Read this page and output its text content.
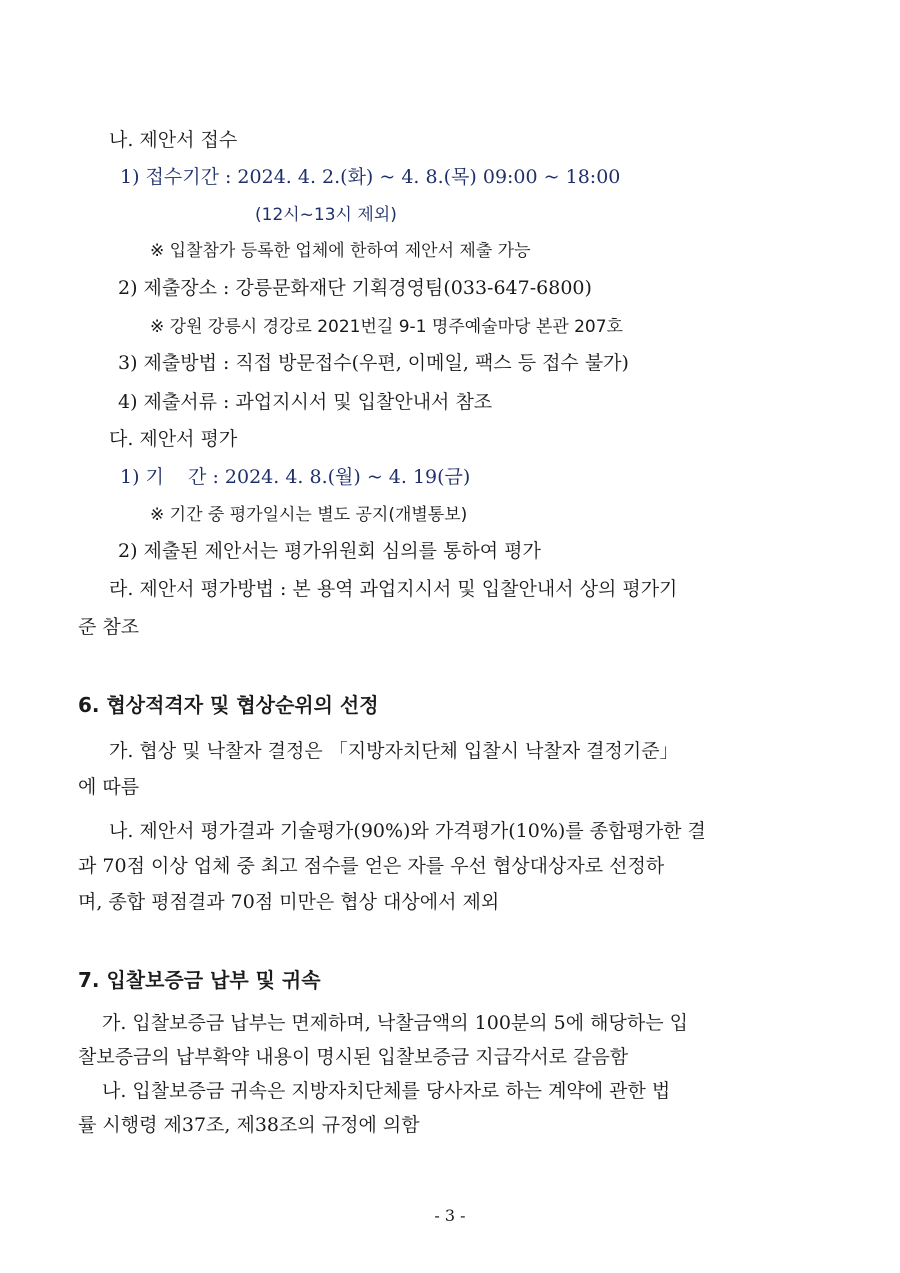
나. 제안서 접수
1) 접수기간 : 2024. 4. 2.(화) ~ 4. 8.(목) 09:00 ~ 18:00
(12시~13시 제외)
※ 입찰참가 등록한 업체에 한하여 제안서 제출 가능
2) 제출장소 : 강릉문화재단 기획경영팀(033-647-6800)
※ 강원 강릉시 경강로 2021번길 9-1 명주예술마당 본관 207호
3) 제출방법 : 직접 방문접수(우편, 이메일, 팩스 등 접수 불가)
4) 제출서류 : 과업지시서 및 입찰안내서 참조
다. 제안서 평가
1) 기    간 : 2024. 4. 8.(월) ~ 4. 19(금)
※ 기간 중 평가일시는 별도 공지(개별통보)
2) 제출된 제안서는 평가위원회 심의를 통하여 평가
라. 제안서 평가방법 : 본 용역 과업지시서 및 입찰안내서 상의 평가기
준 참조
6. 협상적격자 및 협상순위의 선정
가. 협상 및 낙찰자 결정은 「지방자치단체 입찰시 낙찰자 결정기준」
에 따름
나. 제안서 평가결과 기술평가(90%)와 가격평가(10%)를 종합평가한 결
과 70점 이상 업체 중 최고 점수를 얻은 자를 우선 협상대상자로 선정하
며, 종합 평점결과 70점 미만은 협상 대상에서 제외
7. 입찰보증금 납부 및 귀속
가. 입찰보증금 납부는 면제하며, 낙찰금액의 100분의 5에 해당하는 입
찰보증금의 납부확약 내용이 명시된 입찰보증금 지급각서로 갈음함
나. 입찰보증금 귀속은 지방자치단체를 당사자로 하는 계약에 관한 법
률 시행령 제37조, 제38조의 규정에 의함
- 3 -
